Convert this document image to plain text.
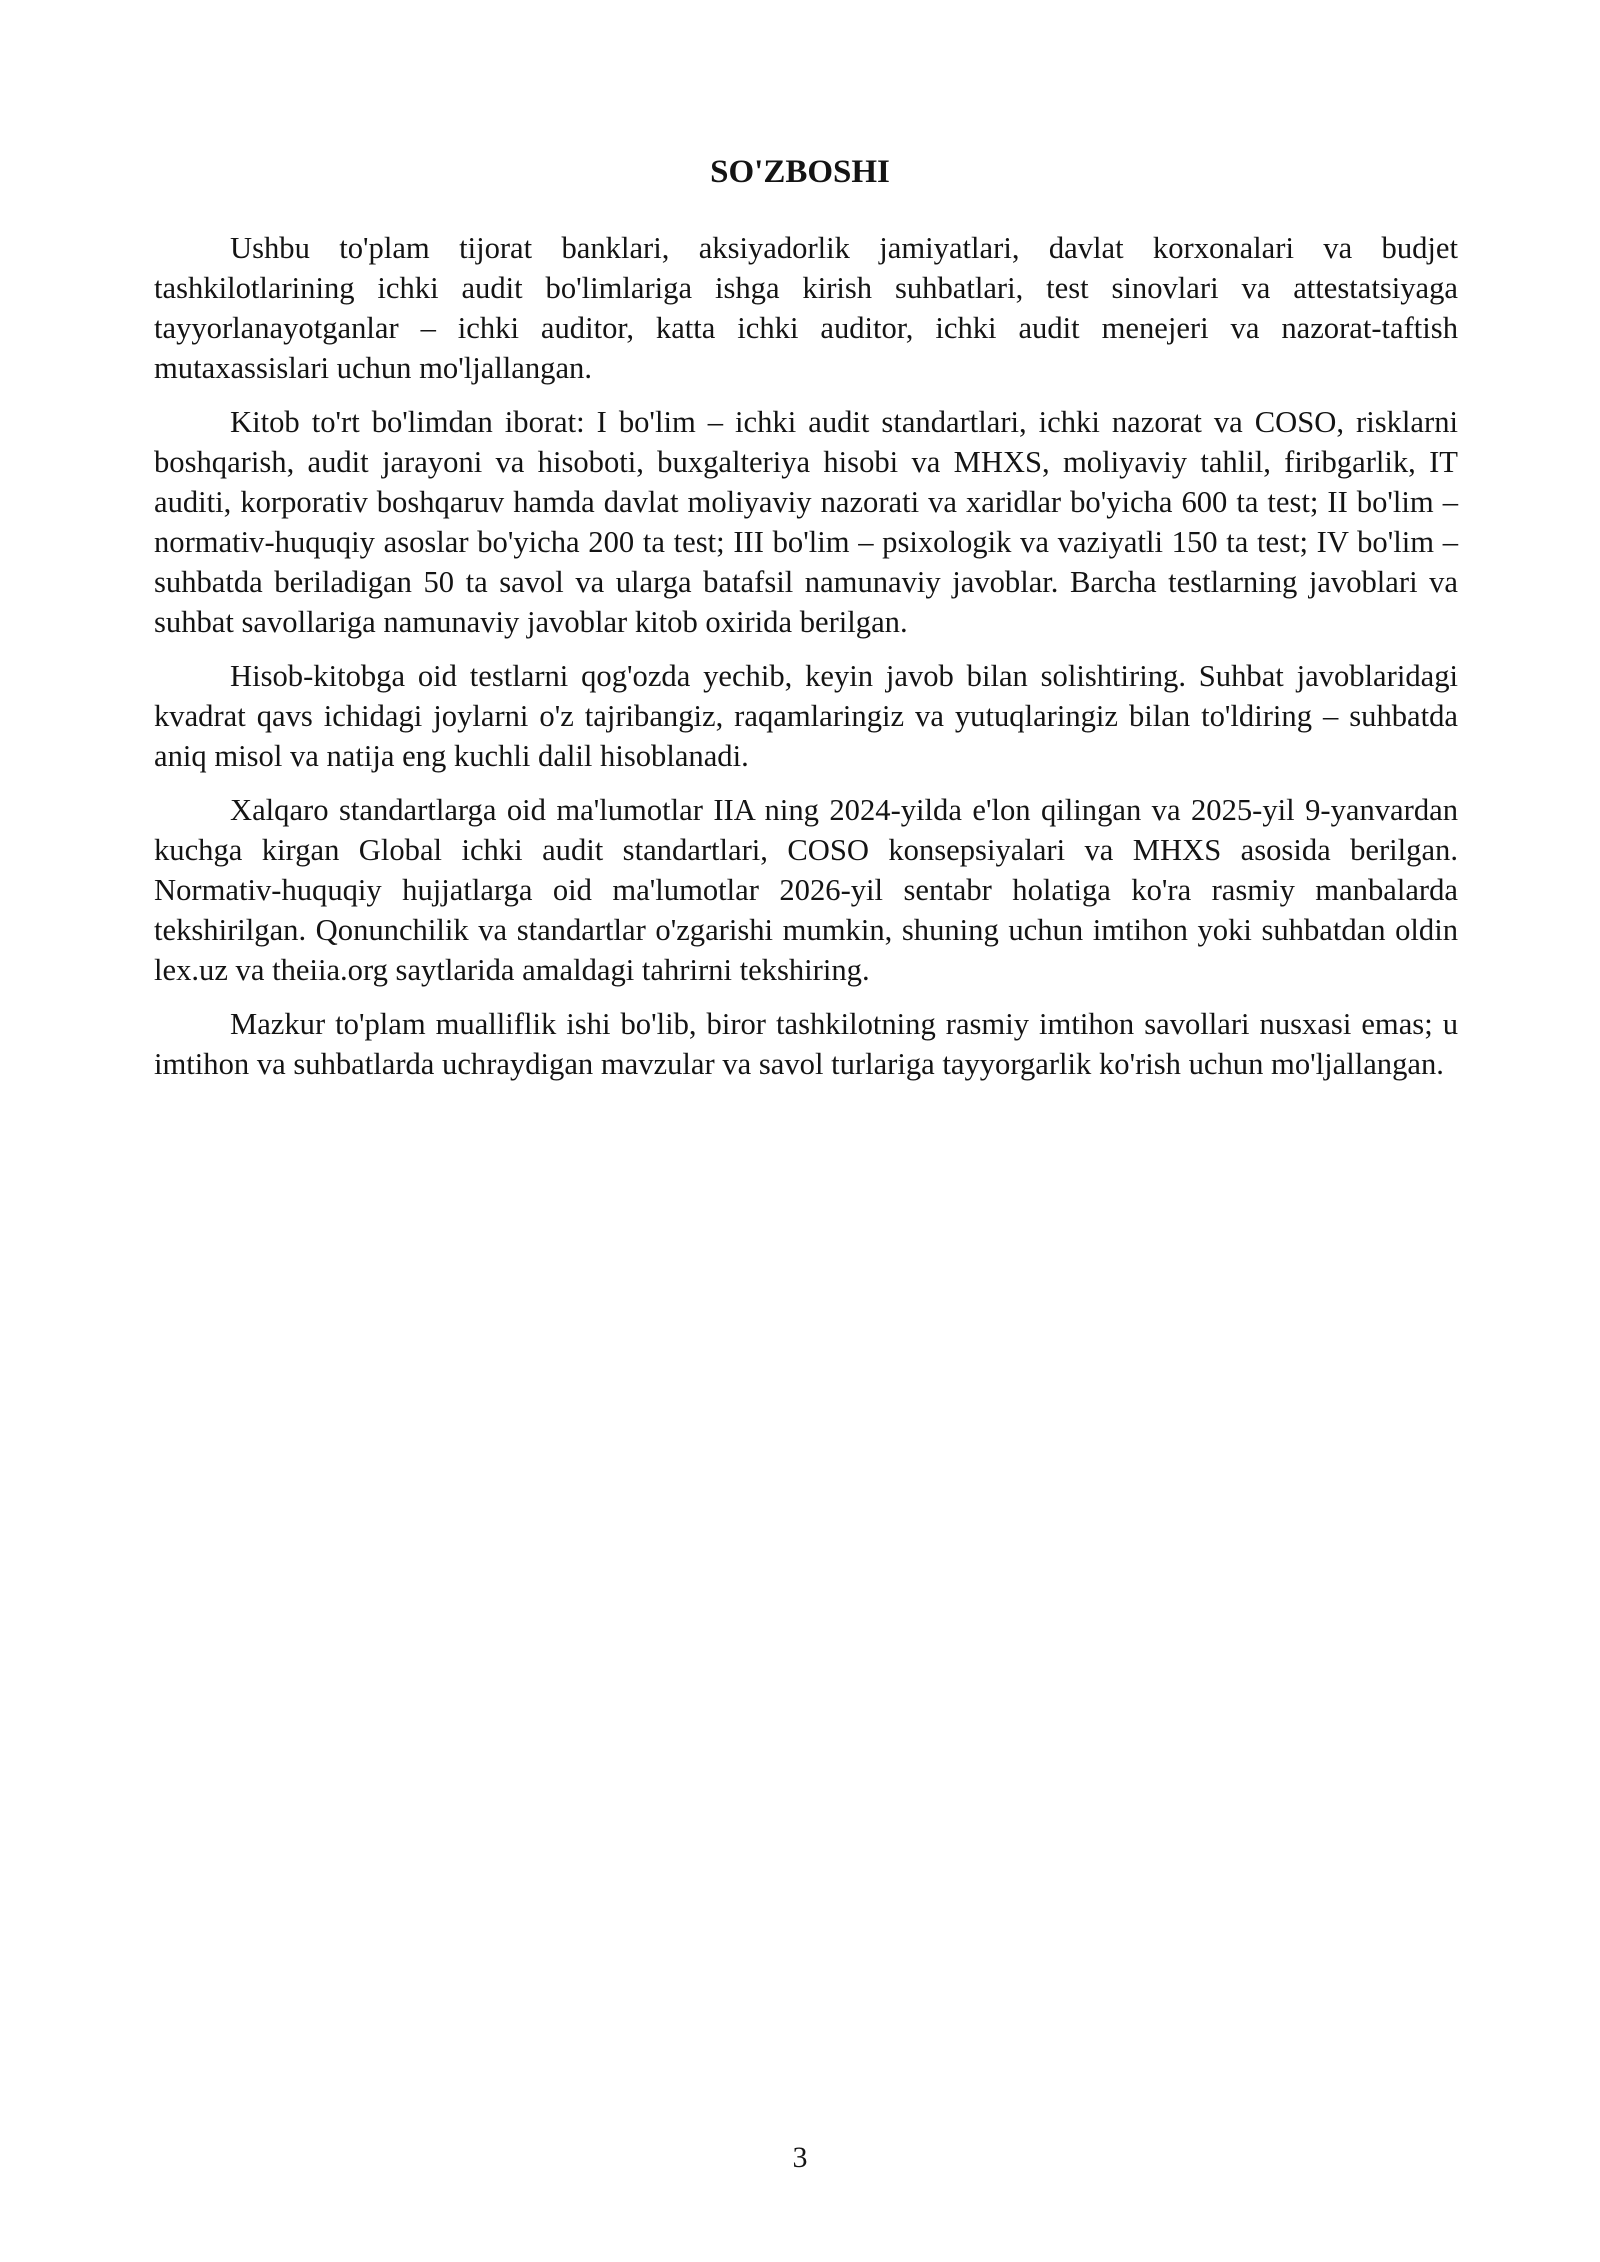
SO'ZBOSHI

Ushbu to'plam tijorat banklari, aksiyadorlik jamiyatlari, davlat korxonalari va budjet tashkilotlarining ichki audit bo'limlariga ishga kirish suhbatlari, test sinovlari va attestatsiyaga tayyorlanayotganlar – ichki auditor, katta ichki auditor, ichki audit menejeri va nazorat-taftish mutaxassislari uchun mo'ljallangan.

Kitob to'rt bo'limdan iborat: I bo'lim – ichki audit standartlari, ichki nazorat va COSO, risklarni boshqarish, audit jarayoni va hisoboti, buxgalteriya hisobi va MHXS, moliyaviy tahlil, firibgarlik, IT auditi, korporativ boshqaruv hamda davlat moliyaviy nazorati va xaridlar bo'yicha 600 ta test; II bo'lim – normativ-huquqiy asoslar bo'yicha 200 ta test; III bo'lim – psixologik va vaziyatli 150 ta test; IV bo'lim – suhbatda beriladigan 50 ta savol va ularga batafsil namunaviy javoblar. Barcha testlarning javoblari va suhbat savollariga namunaviy javoblar kitob oxirida berilgan.

Hisob-kitobga oid testlarni qog'ozda yechib, keyin javob bilan solishtiring. Suhbat javoblaridagi kvadrat qavs ichidagi joylarni o'z tajribangiz, raqamlaringiz va yutuqlaringiz bilan to'ldiring – suhbatda aniq misol va natija eng kuchli dalil hisoblanadi.

Xalqaro standartlarga oid ma'lumotlar IIA ning 2024-yilda e'lon qilingan va 2025-yil 9-yanvardan kuchga kirgan Global ichki audit standartlari, COSO konsepsiyalari va MHXS asosida berilgan. Normativ-huquqiy hujjatlarga oid ma'lumotlar 2026-yil sentabr holatiga ko'ra rasmiy manbalarda tekshirilgan. Qonunchilik va standartlar o'zgarishi mumkin, shuning uchun imtihon yoki suhbatdan oldin lex.uz va theiia.org saytlarida amaldagi tahrirni tekshiring.

Mazkur to'plam mualliflik ishi bo'lib, biror tashkilotning rasmiy imtihon savollari nusxasi emas; u imtihon va suhbatlarda uchraydigan mavzular va savol turlariga tayyorgarlik ko'rish uchun mo'ljallangan.

3
